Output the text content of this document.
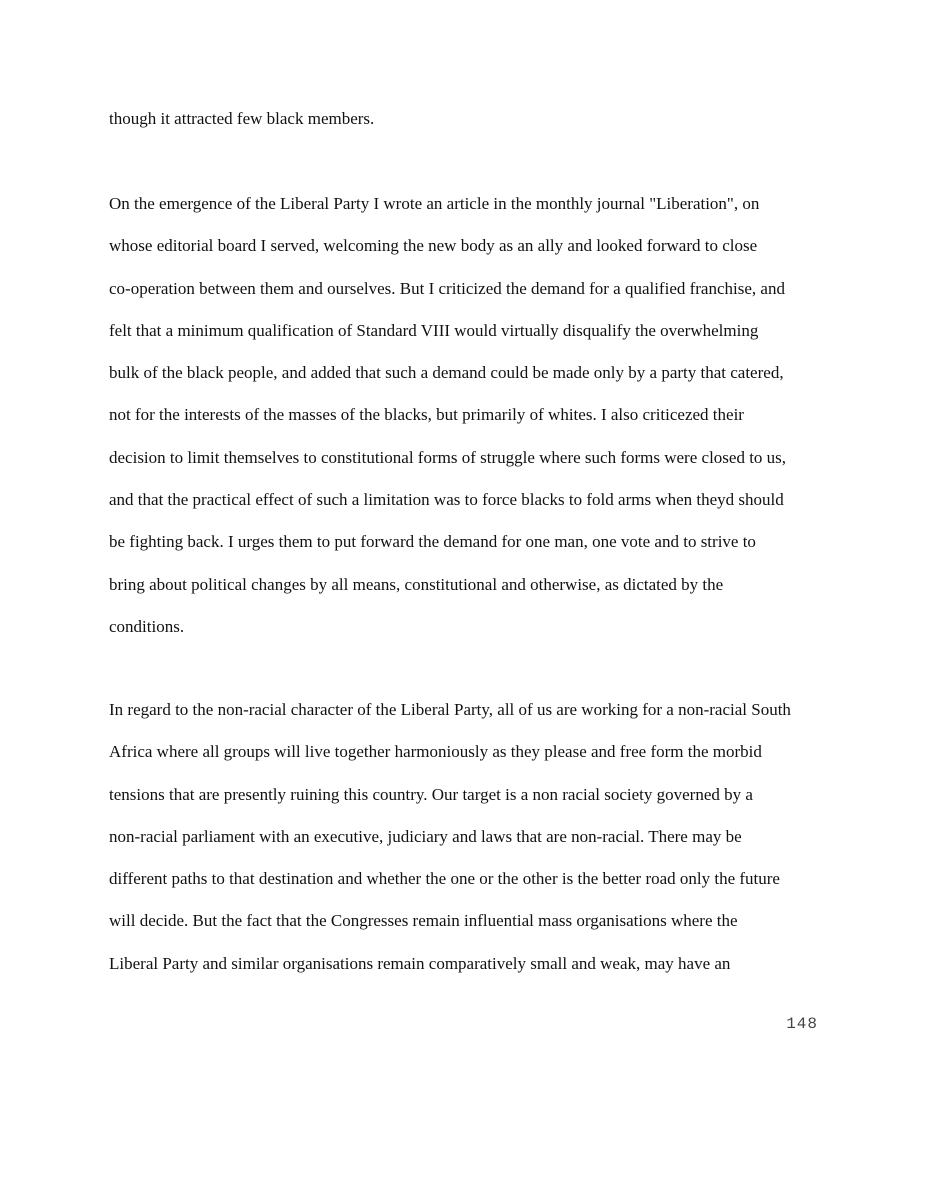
though it attracted few black members.
On the emergence of the Liberal Party I wrote an article in the monthly journal "Liberation", on
whose editorial board I served, welcoming the new body as an ally and looked forward to close
co-operation between them and ourselves. But I criticized the demand for a qualified franchise, and
felt that a minimum qualification of Standard VIII would virtually disqualify the overwhelming
bulk of the black people, and added that such a demand could be made only by a party that catered,
not for the interests of the masses of the blacks, but primarily of whites. I also criticezed their
decision to limit themselves to constitutional forms of struggle where such forms were closed to us,
and that the practical effect of such a limitation was to force blacks to fold arms when theyd should
be fighting back. I urges them to put forward the demand for one man, one vote and to strive to
bring about political changes by all means, constitutional and otherwise, as dictated by the
conditions.
In regard to the non-racial character of the Liberal Party, all of us are working for a non-racial South
Africa where all groups will live together harmoniously as they please and free form the morbid
tensions that are presently ruining this country. Our target is a non racial society governed by a
non-racial parliament with an executive, judiciary and laws that are non-racial. There may be
different paths to that destination and whether the one or the other is the better road only the future
will decide. But the fact that the Congresses remain influential mass organisations where the
Liberal Party and similar organisations remain comparatively small and weak, may have an
148
